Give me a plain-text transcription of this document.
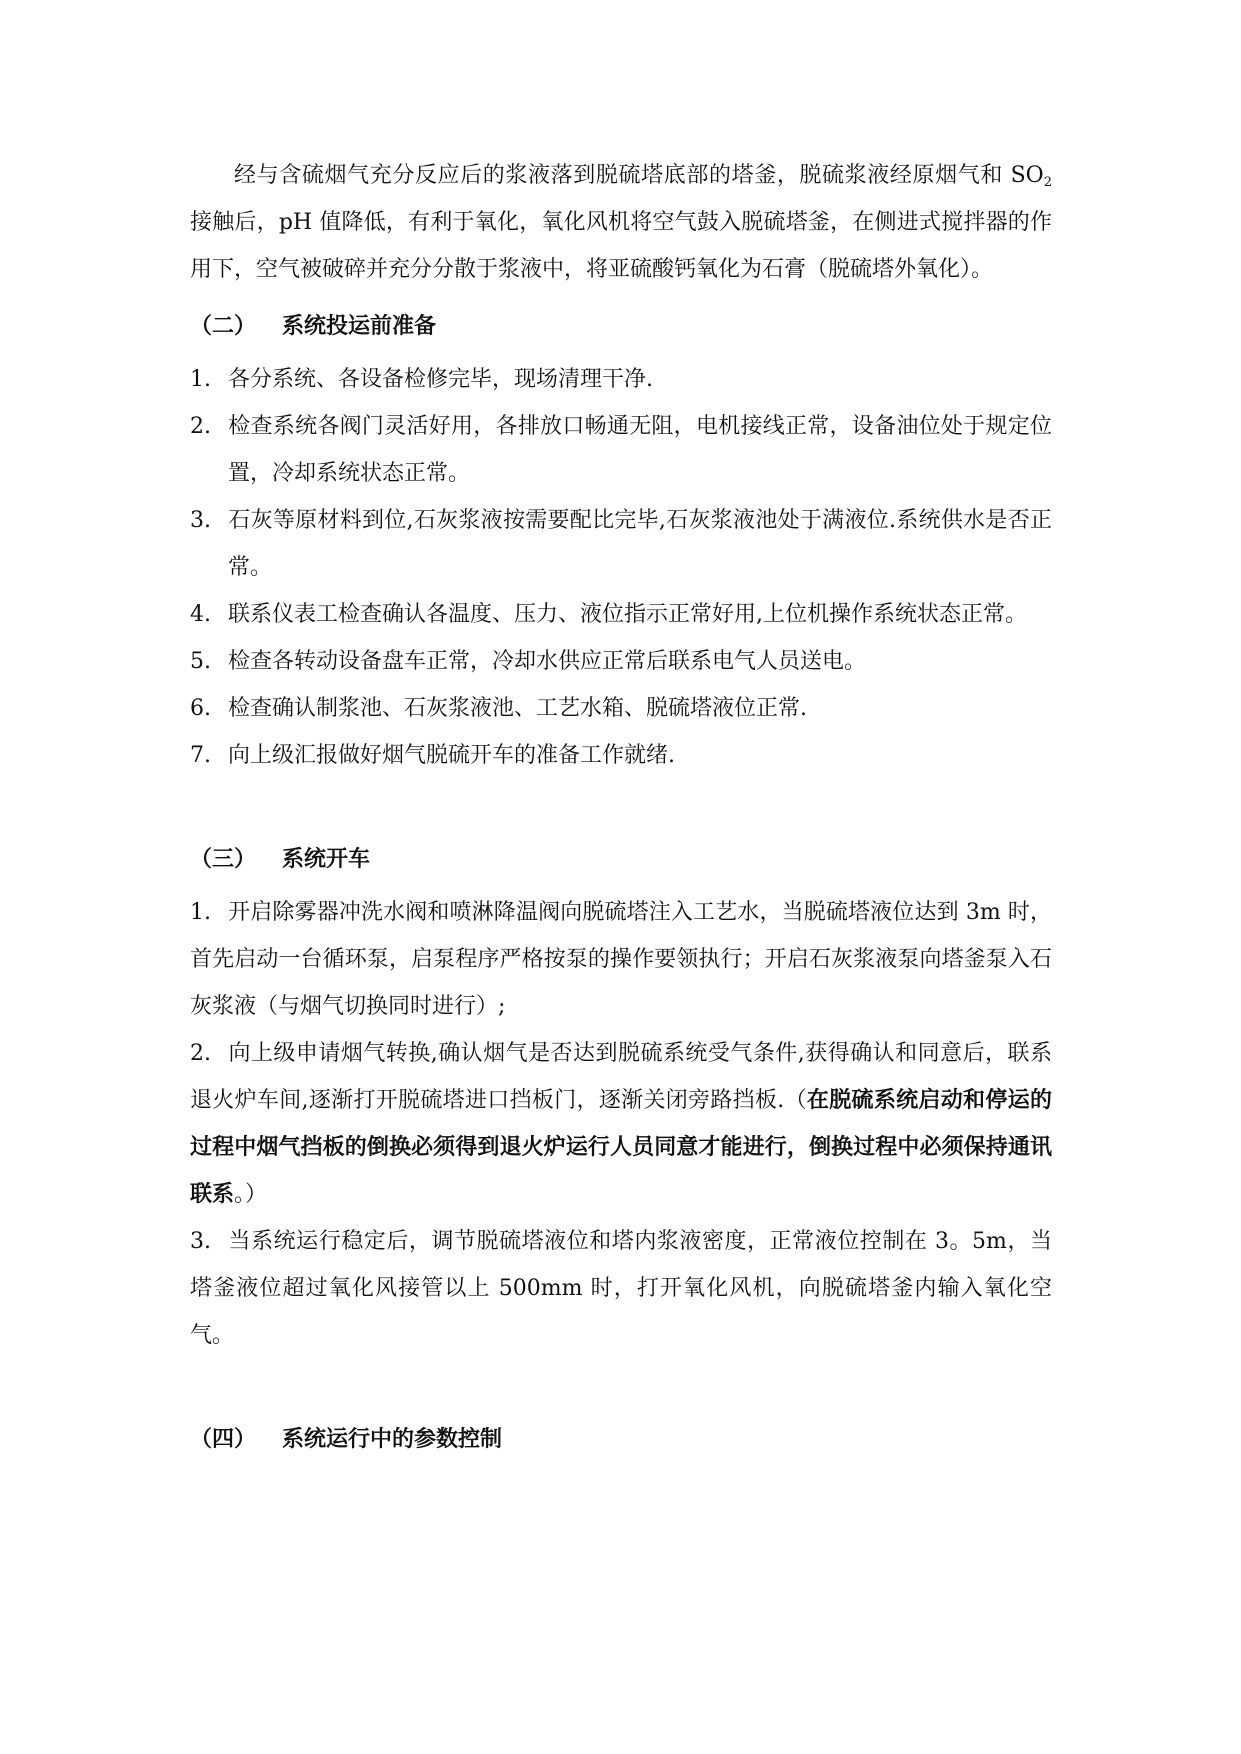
经与含硫烟气充分反应后的浆液落到脱硫塔底部的塔釜，脱硫浆液经原烟气和 $SO_2$接触后，pH 值降低，有利于氧化，氧化风机将空气鼓入脱硫塔釜，在侧进式搅拌器的作用下，空气被破碎并充分分散于浆液中，将亚硫酸钙氧化为石膏（脱硫塔外氧化）。

（二）	系统投运前准备

1. 各分系统、各设备检修完毕，现场清理干净.

2. 检查系统各阀门灵活好用，各排放口畅通无阻，电机接线正常，设备油位处于规定位置，冷却系统状态正常。

3. 石灰等原材料到位,石灰浆液按需要配比完毕,石灰浆液池处于满液位.系统供水是否正常。

4. 联系仪表工检查确认各温度、压力、液位指示正常好用,上位机操作系统状态正常。

5. 检查各转动设备盘车正常，冷却水供应正常后联系电气人员送电。

6. 检查确认制浆池、石灰浆液池、工艺水箱、脱硫塔液位正常.

7. 向上级汇报做好烟气脱硫开车的准备工作就绪.

（三）	系统开车

1. 开启除雾器冲洗水阀和喷淋降温阀向脱硫塔注入工艺水，当脱硫塔液位达到 3m 时，首先启动一台循环泵，启泵程序严格按泵的操作要领执行；开启石灰浆液泵向塔釜泵入石灰浆液（与烟气切换同时进行）;

2. 向上级申请烟气转换,确认烟气是否达到脱硫系统受气条件,获得确认和同意后，联系退火炉车间,逐渐打开脱硫塔进口挡板门，逐渐关闭旁路挡板.（在脱硫系统启动和停运的过程中烟气挡板的倒换必须得到退火炉运行人员同意才能进行，倒换过程中必须保持通讯联系。）

3. 当系统运行稳定后，调节脱硫塔液位和塔内浆液密度，正常液位控制在 3。5m，当塔釜液位超过氧化风接管以上 500mm 时，打开氧化风机，向脱硫塔釜内输入氧化空气。

（四）	系统运行中的参数控制
